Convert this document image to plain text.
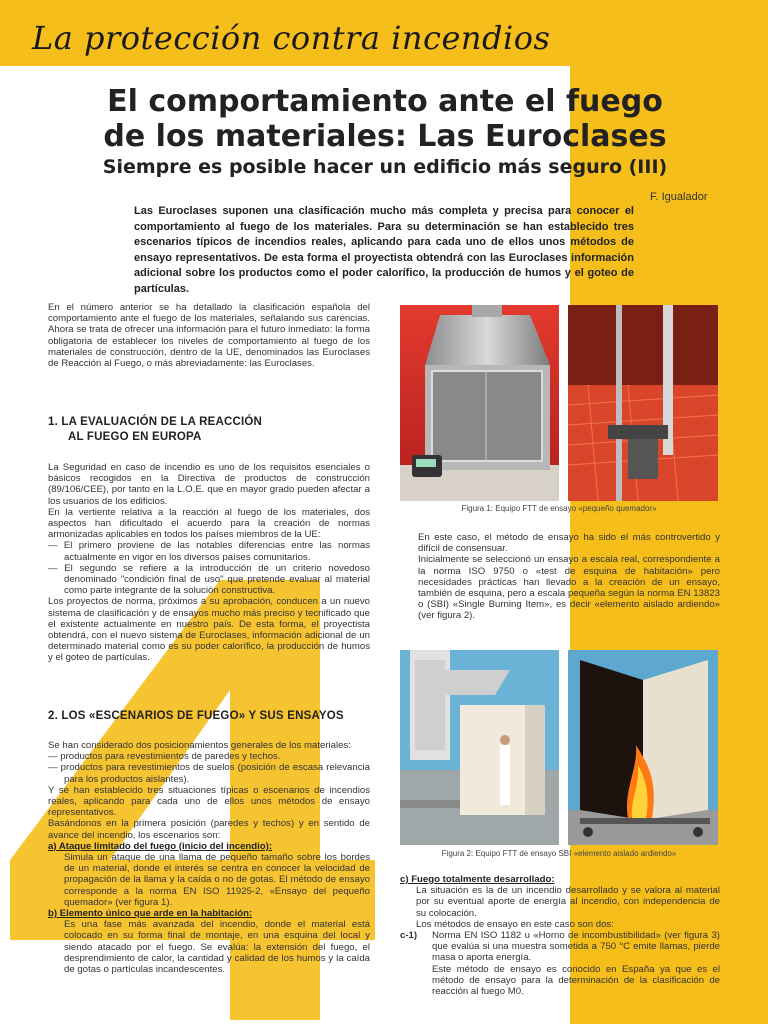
La protección contra incendios
El comportamiento ante el fuego
de los materiales: Las Euroclases
Siempre es posible hacer un edificio más seguro (III)
F. Igualador
Las Euroclases suponen una clasificación mucho más completa y precisa para conocer el comportamiento al fuego de los materiales. Para su determinación se han establecido tres escenarios típicos de incendios reales, aplicando para cada uno de ellos unos métodos de ensayo representativos. De esta forma el proyectista obtendrá con las Euroclases información adicional sobre los productos como el poder calorífico, la producción de humos y el goteo de partículas.
En el número anterior se ha detallado la clasificación española del comportamiento ante el fuego de los materiales, señalando sus carencias. Ahora se trata de ofrecer una información para el futuro inmediato: la forma obligatoria de establecer los niveles de comportamiento al fuego de los materiales de construcción, dentro de la UE, denominados las Euroclases de Reacción al Fuego, o más abreviadamente: las Euroclases.
1. LA EVALUACIÓN DE LA REACCIÓN
AL FUEGO EN EUROPA

La Seguridad en caso de incendio es uno de los requisitos esenciales o básicos recogidos en la Directiva de productos de construcción (89/106/CEE), por tanto en la L.O.E. que en mayor grado pueden afectar a los usuarios de los edificios.

En la vertiente relativa a la reacción al fuego de los materiales, dos aspectos han dificultado el acuerdo para la creación de normas armonizadas aplicables en todos los países miembros de la UE:

— El primero proviene de las notables diferencias entre las normas actualmente en vigor en los diversos países comunitarios.

— El segundo se refiere a la introducción de un criterio novedoso denominado "condición final de uso" que pretende evaluar al material como parte integrante de la solución constructiva.

Los proyectos de norma, próximos a su aprobación, conducen a un nuevo sistema de clasificación y de ensayos mucho más preciso y tecnificado que el existente actualmente en nuestro país. De esta forma, el proyectista obtendrá, con el nuevo sistema de Euroclases, información adicional de un determinado material como es su poder calorífico, la producción de humos y el goteo de partículas.

2. LOS «ESCENARIOS DE FUEGO» Y SUS ENSAYOS

Se han considerado dos posicionamientos generales de los materiales:

— productos para revestimientos de paredes y techos.

— productos para revestimientos de suelos (posición de escasa relevancia para los productos aislantes).

Y se han establecido tres situaciones típicas o escenarios de incendios reales, aplicando para cada uno de ellos unos métodos de ensayo representativos.

Basándonos en la primera posición (paredes y techos) y en sentido de avance del incendio, los escenarios son:

a) Ataque limitado del fuego (inicio del incendio):

Simula un ataque de una llama de pequeño tamaño sobre los bordes de un material, donde el interés se centra en conocer la velocidad de propagación de la llama y la caída o no de gotas. El método de ensayo corresponde a la norma EN ISO 11925-2, «Ensayo del pequeño quemador» (ver figura 1).

b) Elemento único que arde en la habitación:

Es una fase más avanzada del incendio, donde el material está colocado en su forma final de montaje, en una esquina del local y siendo atacado por el fuego. Se evalúa: la extensión del fuego, el desprendimiento de calor, la cantidad y calidad de los humos y la caída de gotas o partículas incandescentes.

Figura 1: Equipo FTT de ensayo «pequeño quemador»

En este caso, el método de ensayo ha sido el más controvertido y difícil de consensuar.

Inicialmente se seleccionó un ensayo a escala real, correspondiente a la norma ISO 9750 o «test de esquina de habitación» pero necesidades prácticas han llevado a la creación de un ensayo, también de esquina, pero a escala pequeña según la norma EN 13823 o (SBI) «Single Burning Item», es decir «elemento aislado ardiendo» (ver figura 2).

Figura 2: Equipo FTT de ensayo SBI «elemento aislado ardiendo»

c) Fuego totalmente desarrollado:

La situación es la de un incendio desarrollado y se valora al material por su eventual aporte de energía al incendio, con independencia de su colocación.

Los métodos de ensayo en este caso son dos:

c-1)	Norma EN ISO 1182 u «Horno de incombustibilidad» (ver figura 3) que evalúa si una muestra sometida a 750 °C emite llamas, pierde masa o aporta energía.

Este método de ensayo es conocido en España ya que es el método de ensayo para la determinación de la clasificación de reacción al fuego M0.
